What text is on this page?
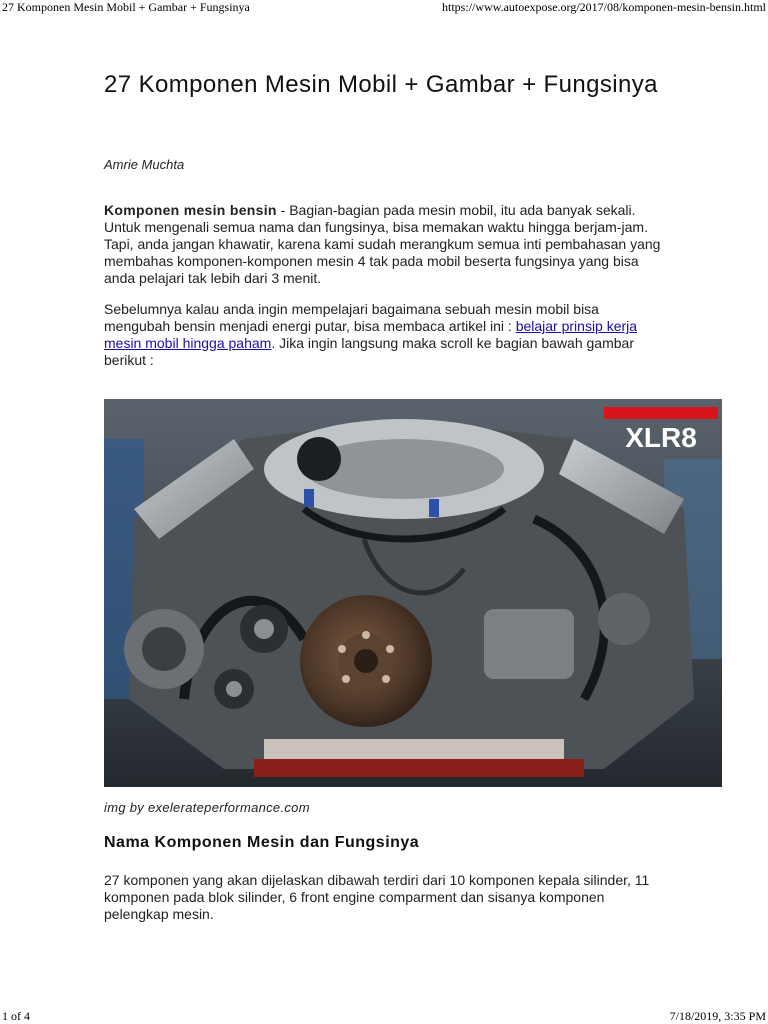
27 Komponen Mesin Mobil + Gambar + Fungsinya	https://www.autoexpose.org/2017/08/komponen-mesin-bensin.html
27 Komponen Mesin Mobil + Gambar + Fungsinya
Amrie Muchta

Komponen mesin bensin - Bagian-bagian pada mesin mobil, itu ada banyak sekali. Untuk mengenali semua nama dan fungsinya, bisa memakan waktu hingga berjam-jam. Tapi, anda jangan khawatir, karena kami sudah merangkum semua inti pembahasan yang membahas komponen-komponen mesin 4 tak pada mobil beserta fungsinya yang bisa anda pelajari tak lebih dari 3 menit.

Sebelumnya kalau anda ingin mempelajari bagaimana sebuah mesin mobil bisa mengubah bensin menjadi energi putar, bisa membaca artikel ini : belajar prinsip kerja mesin mobil hingga paham. Jika ingin langsung maka scroll ke bagian bawah gambar berikut :

XLR8
img by exelerateperformance.com
Nama Komponen Mesin dan Fungsinya

27 komponen yang akan dijelaskan dibawah terdiri dari 10 komponen kepala silinder, 11 komponen pada blok silinder, 6 front engine comparment dan sisanya komponen pelengkap mesin.

1 of 4	7/18/2019, 3:35 PM
